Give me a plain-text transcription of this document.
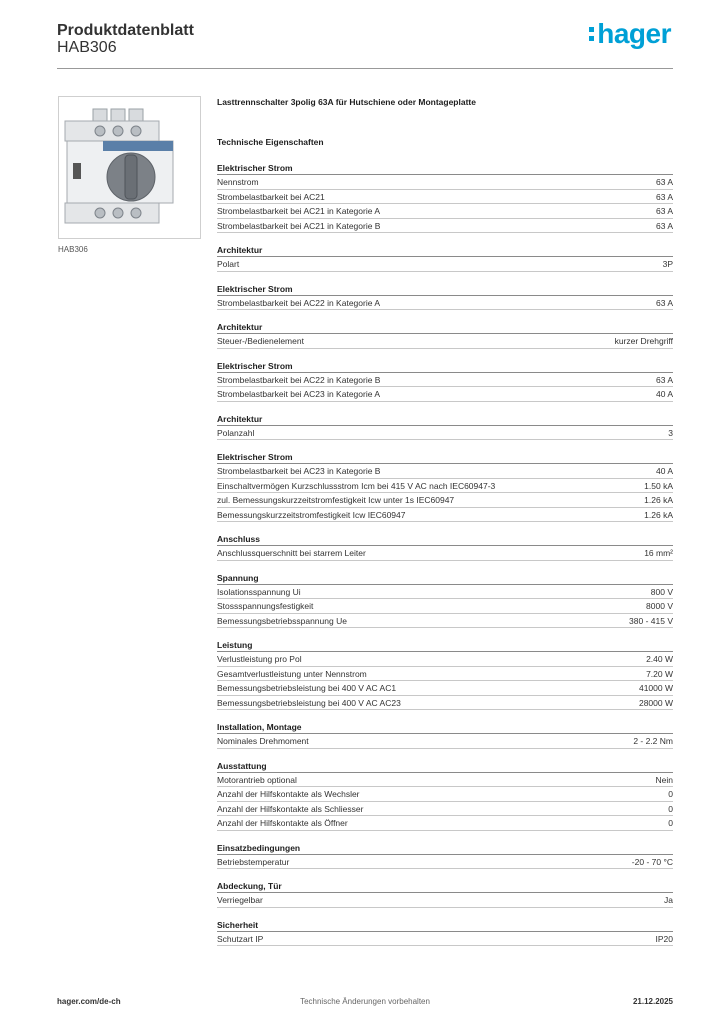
Produktdatenblatt
HAB306	hager
HAB306
Lasttrennschalter 3polig 63A für Hutschiene oder Montageplatte
Technische Eigenschaften
Elektrischer Strom
Nennstrom	63 A
Strombelastbarkeit bei AC21	63 A
Strombelastbarkeit bei AC21 in Kategorie A	63 A
Strombelastbarkeit bei AC21 in Kategorie B	63 A
Architektur
Polart	3P
Elektrischer Strom
Strombelastbarkeit bei AC22 in Kategorie A	63 A
Architektur
Steuer-/Bedienelement	kurzer Drehgriff
Elektrischer Strom
Strombelastbarkeit bei AC22 in Kategorie B	63 A
Strombelastbarkeit bei AC23 in Kategorie A	40 A
Architektur
Polanzahl	3
Elektrischer Strom
Strombelastbarkeit bei AC23 in Kategorie B	40 A
Einschaltvermögen Kurzschlussstrom Icm bei 415 V AC nach IEC60947-3	1.50 kA
zul. Bemessungskurzzeitstromfestigkeit Icw unter 1s IEC60947	1.26 kA
Bemessungskurzzeitstromfestigkeit Icw IEC60947	1.26 kA
Anschluss
Anschlussquerschnitt bei starrem Leiter	16 mm²
Spannung
Isolationsspannung Ui	800 V
Stossspannungsfestigkeit	8000 V
Bemessungsbetriebsspannung Ue	380 - 415 V
Leistung
Verlustleistung pro Pol	2.40 W
Gesamtverlustleistung unter Nennstrom	7.20 W
Bemessungsbetriebsleistung bei 400 V AC AC1	41000 W
Bemessungsbetriebsleistung bei 400 V AC AC23	28000 W
Installation, Montage
Nominales Drehmoment	2 - 2.2 Nm
Ausstattung
Motorantrieb optional	Nein
Anzahl der Hilfskontakte als Wechsler	0
Anzahl der Hilfskontakte als Schliesser	0
Anzahl der Hilfskontakte als Öffner	0
Einsatzbedingungen
Betriebstemperatur	-20 - 70 °C
Abdeckung, Tür
Verriegelbar	Ja
Sicherheit
Schutzart IP	IP20
Technische Änderungen vorbehalten
hager.com/de-ch	21.12.2025
